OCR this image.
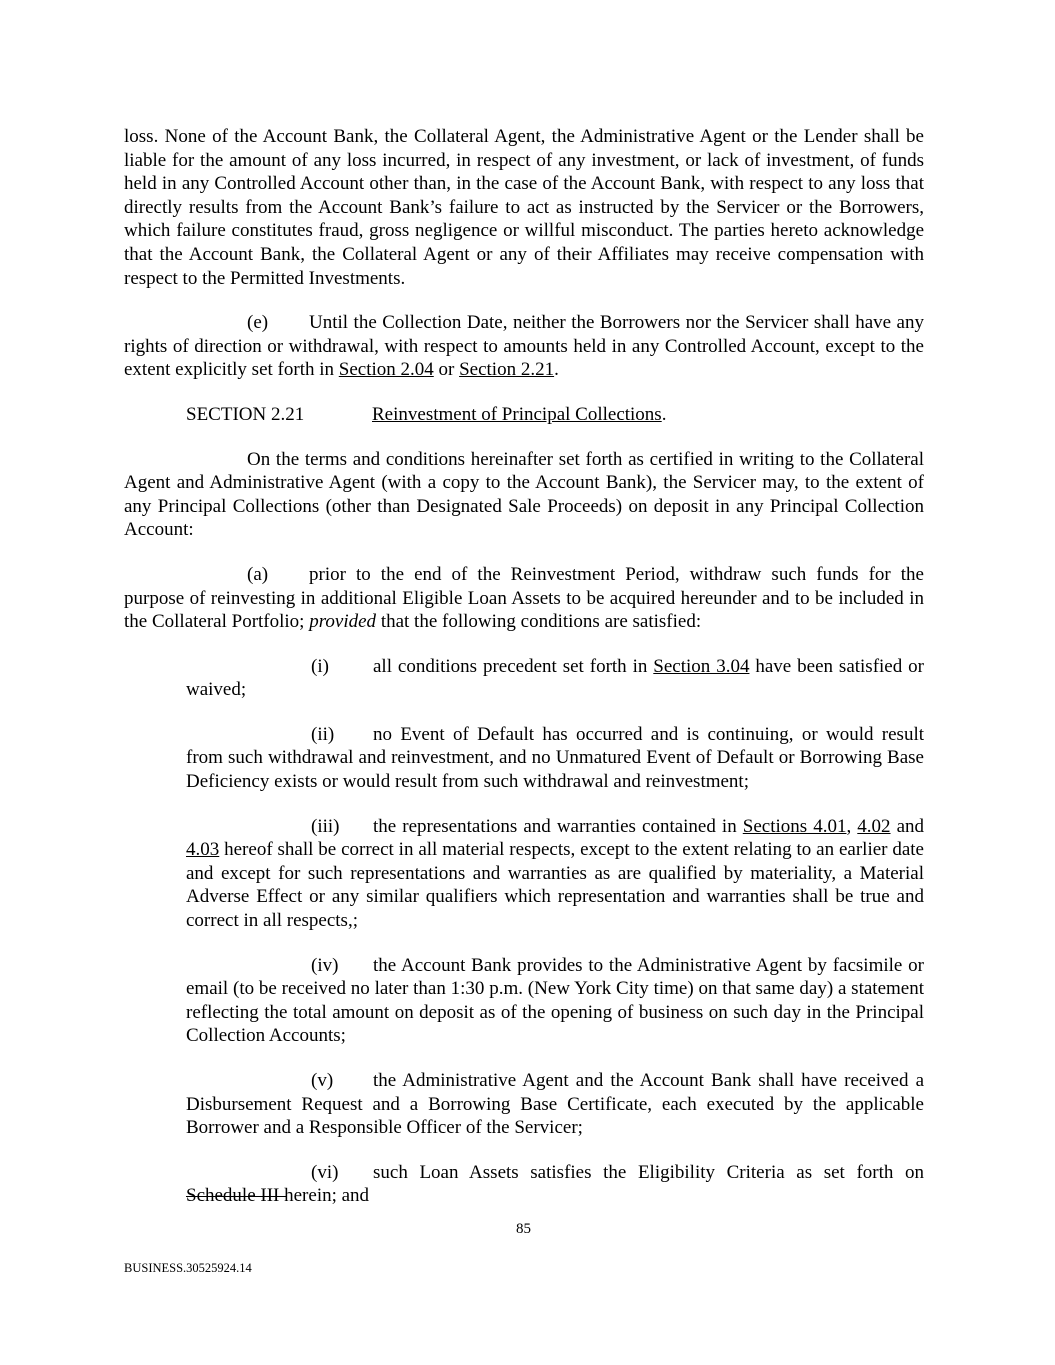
loss. None of the Account Bank, the Collateral Agent, the Administrative Agent or the Lender shall be liable for the amount of any loss incurred, in respect of any investment, or lack of investment, of funds held in any Controlled Account other than, in the case of the Account Bank, with respect to any loss that directly results from the Account Bank’s failure to act as instructed by the Servicer or the Borrowers, which failure constitutes fraud, gross negligence or willful misconduct. The parties hereto acknowledge that the Account Bank, the Collateral Agent or any of their Affiliates may receive compensation with respect to the Permitted Investments.

(e) Until the Collection Date, neither the Borrowers nor the Servicer shall have any rights of direction or withdrawal, with respect to amounts held in any Controlled Account, except to the extent explicitly set forth in Section 2.04 or Section 2.21.

SECTION 2.21	Reinvestment of Principal Collections.

On the terms and conditions hereinafter set forth as certified in writing to the Collateral Agent and Administrative Agent (with a copy to the Account Bank), the Servicer may, to the extent of any Principal Collections (other than Designated Sale Proceeds) on deposit in any Principal Collection Account:

(a) prior to the end of the Reinvestment Period, withdraw such funds for the purpose of reinvesting in additional Eligible Loan Assets to be acquired hereunder and to be included in the Collateral Portfolio; provided that the following conditions are satisfied:

(i) all conditions precedent set forth in Section 3.04 have been satisfied or waived;

(ii) no Event of Default has occurred and is continuing, or would result from such withdrawal and reinvestment, and no Unmatured Event of Default or Borrowing Base Deficiency exists or would result from such withdrawal and reinvestment;

(iii) the representations and warranties contained in Sections 4.01, 4.02 and 4.03 hereof shall be correct in all material respects, except to the extent relating to an earlier date and except for such representations and warranties as are qualified by materiality, a Material Adverse Effect or any similar qualifiers which representation and warranties shall be true and correct in all respects,;

(iv) the Account Bank provides to the Administrative Agent by facsimile or email (to be received no later than 1:30 p.m. (New York City time) on that same day) a statement reflecting the total amount on deposit as of the opening of business on such day in the Principal Collection Accounts;

(v) the Administrative Agent and the Account Bank shall have received a Disbursement Request and a Borrowing Base Certificate, each executed by the applicable Borrower and a Responsible Officer of the Servicer;

(vi) such Loan Assets satisfies the Eligibility Criteria as set forth on Schedule III herein; and

85
BUSINESS.30525924.14
